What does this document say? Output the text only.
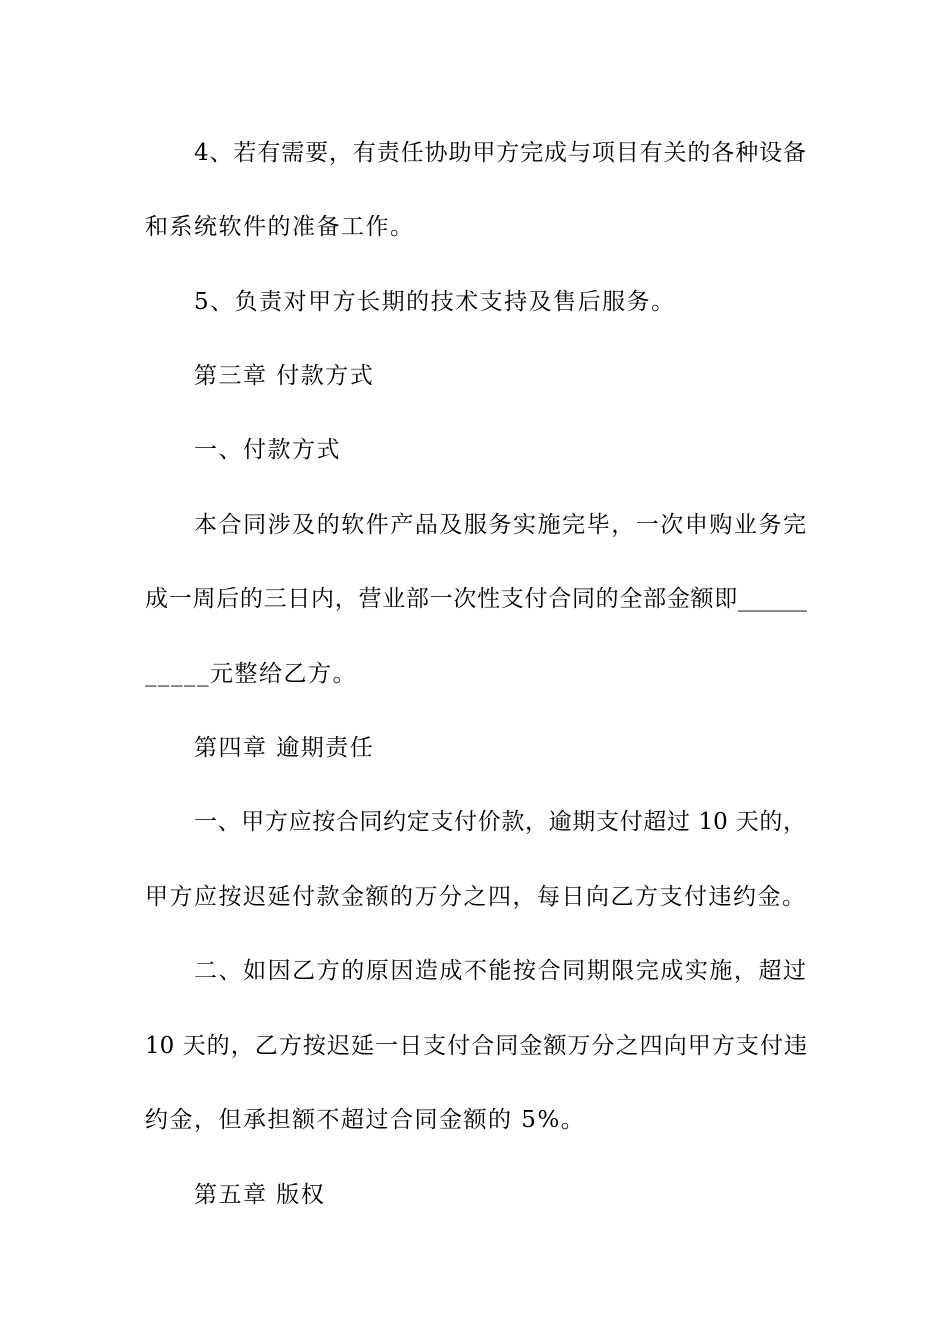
4、若有需要，有责任协助甲方完成与项目有关的各种设备
和系统软件的准备工作。
5、负责对甲方长期的技术支持及售后服务。
第三章 付款方式
一、付款方式
本合同涉及的软件产品及服务实施完毕，一次申购业务完
成一周后的三日内，营业部一次性支付合同的全部金额即______
_____元整给乙方。
第四章 逾期责任
一、甲方应按合同约定支付价款，逾期支付超过 10 天的，
甲方应按迟延付款金额的万分之四，每日向乙方支付违约金。
二、如因乙方的原因造成不能按合同期限完成实施，超过
10 天的，乙方按迟延一日支付合同金额万分之四向甲方支付违
约金，但承担额不超过合同金额的 5%。
第五章 版权
